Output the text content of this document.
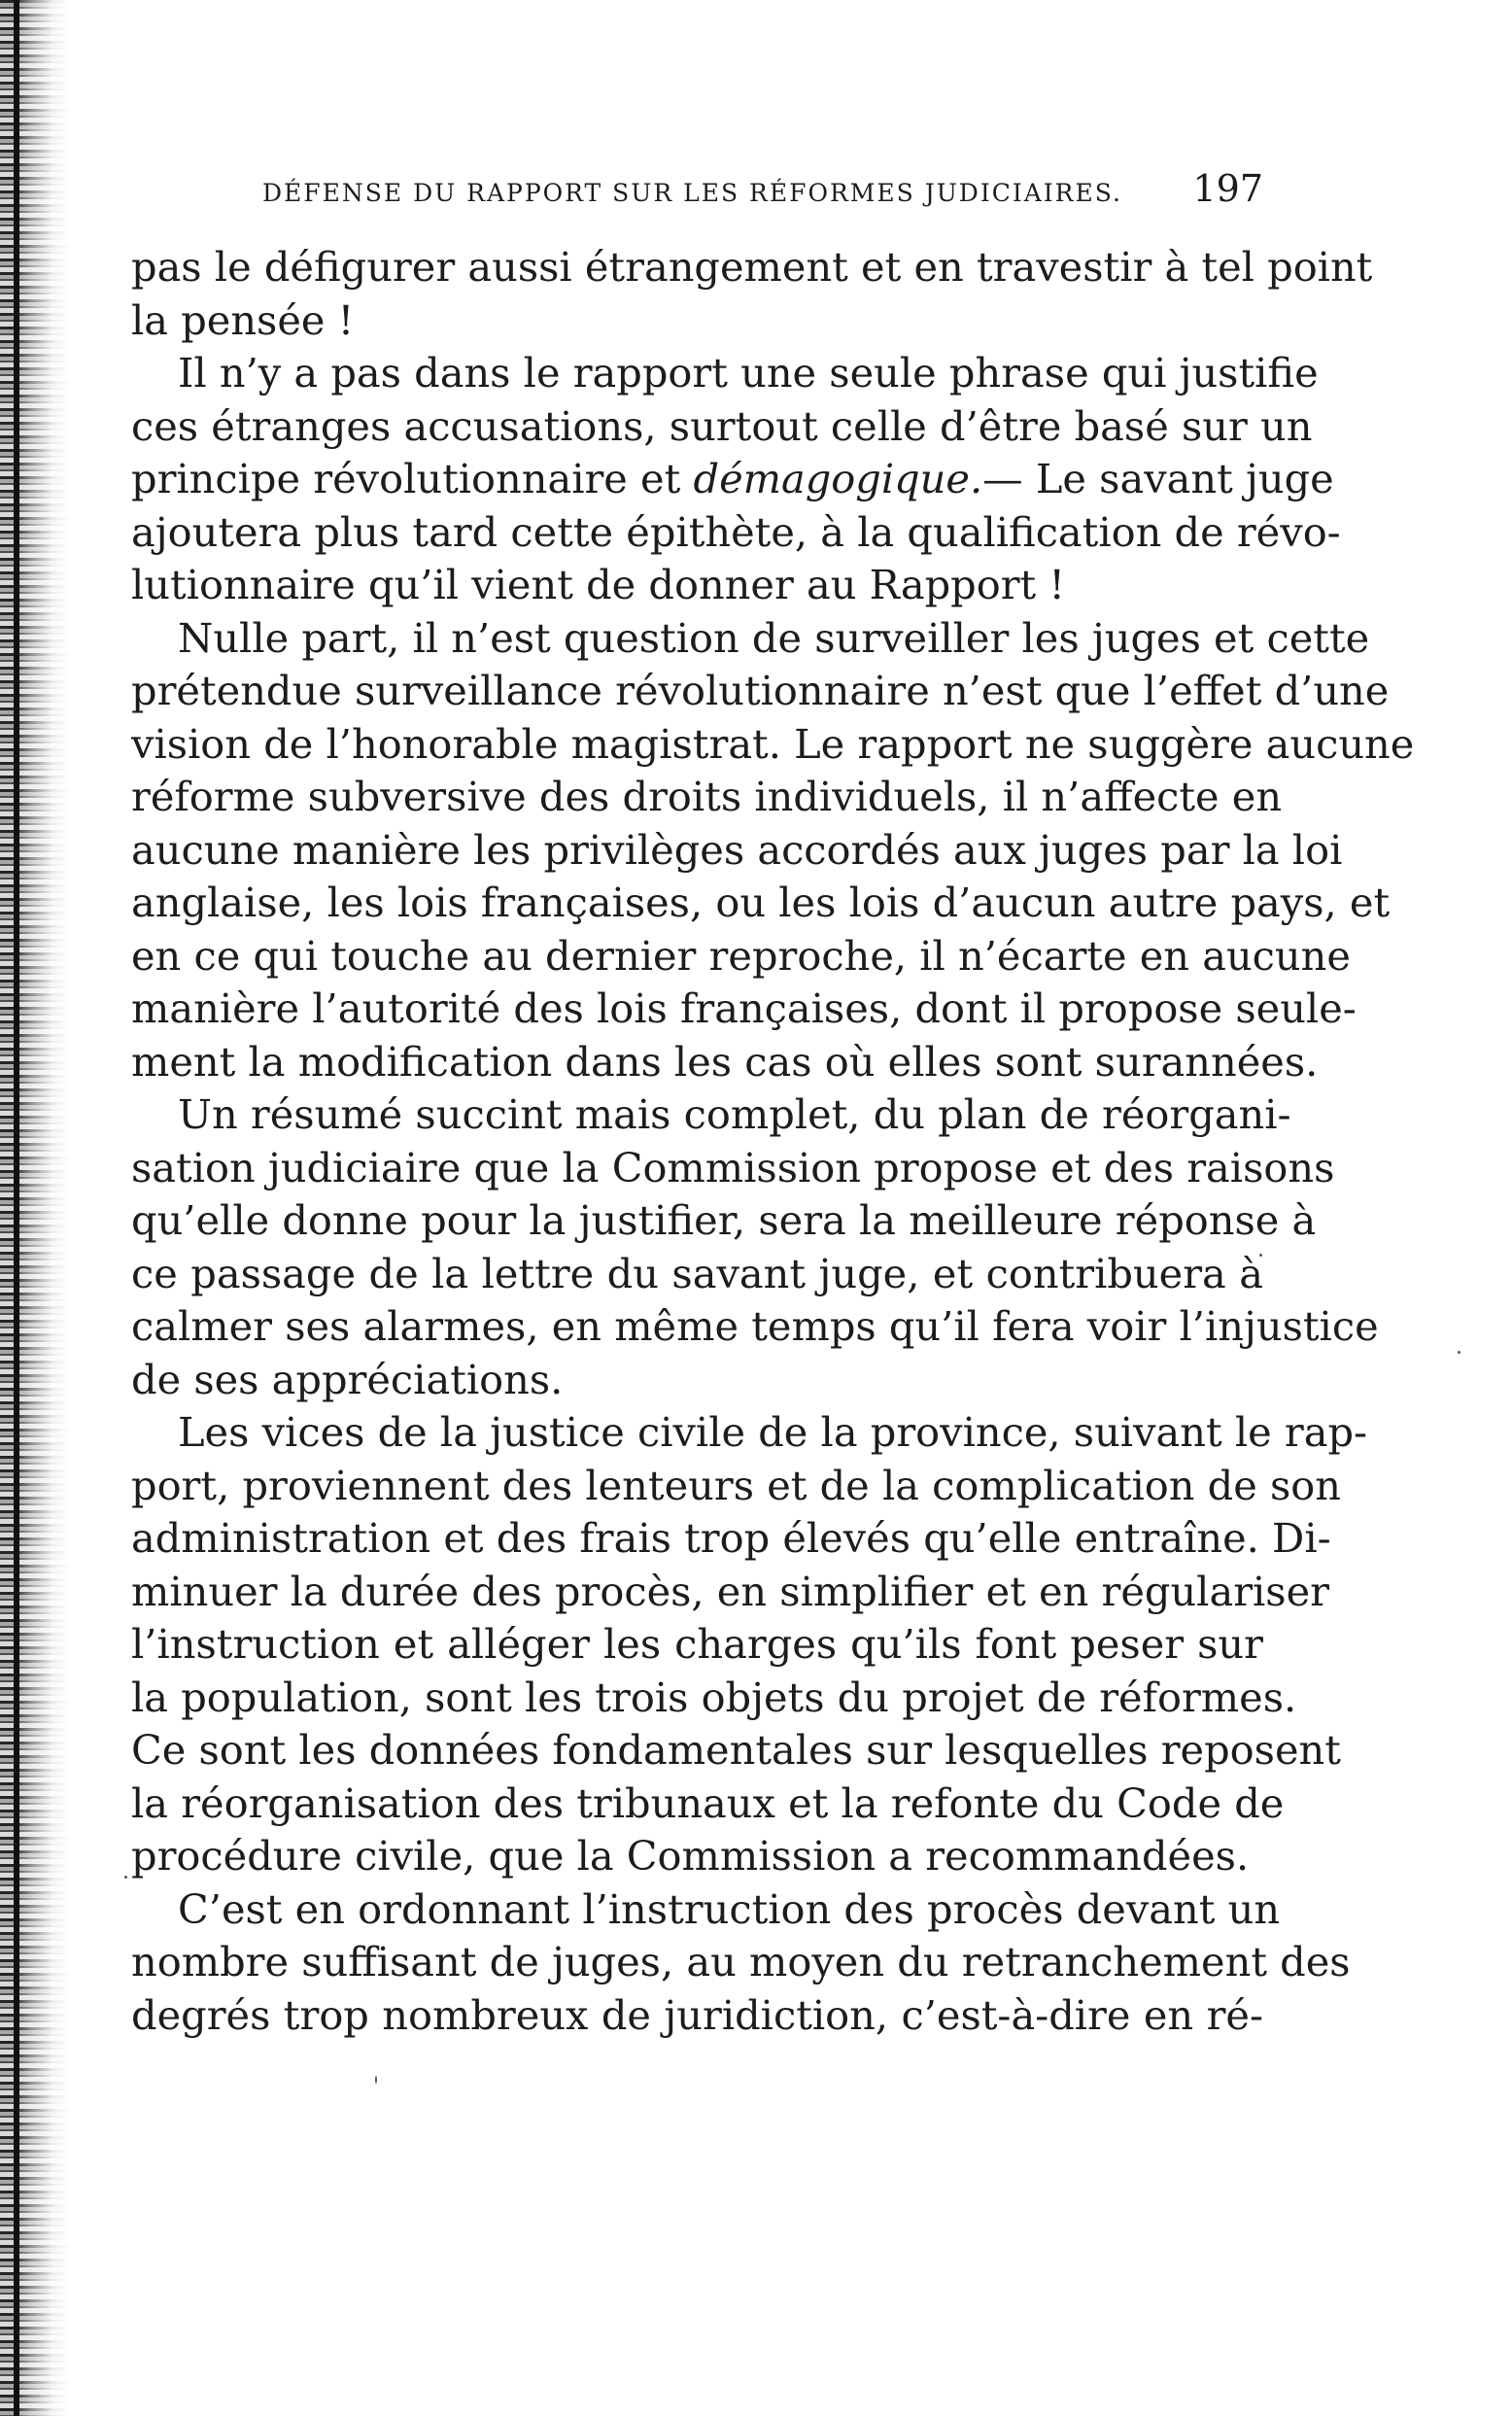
DÉFENSE DU RAPPORT SUR LES RÉFORMES JUDICIAIRES. 197
pas le défigurer aussi étrangement et en travestir à tel point
la pensée !
Il n’y a pas dans le rapport une seule phrase qui justifie
ces étranges accusations, surtout celle d’être basé sur un
principe révolutionnaire et démagogique.— Le savant juge
ajoutera plus tard cette épithète, à la qualification de révo-
lutionnaire qu’il vient de donner au Rapport !
Nulle part, il n’est question de surveiller les juges et cette
prétendue surveillance révolutionnaire n’est que l’effet d’une
vision de l’honorable magistrat. Le rapport ne suggère aucune
réforme subversive des droits individuels, il n’affecte en
aucune manière les privilèges accordés aux juges par la loi
anglaise, les lois françaises, ou les lois d’aucun autre pays, et
en ce qui touche au dernier reproche, il n’écarte en aucune
manière l’autorité des lois françaises, dont il propose seule-
ment la modification dans les cas où elles sont surannées.
Un résumé succint mais complet, du plan de réorgani-
sation judiciaire que la Commission propose et des raisons
qu’elle donne pour la justifier, sera la meilleure réponse à
ce passage de la lettre du savant juge, et contribuera à
calmer ses alarmes, en même temps qu’il fera voir l’injustice
de ses appréciations.
Les vices de la justice civile de la province, suivant le rap-
port, proviennent des lenteurs et de la complication de son
administration et des frais trop élevés qu’elle entraîne. Di-
minuer la durée des procès, en simplifier et en régulariser
l’instruction et alléger les charges qu’ils font peser sur
la population, sont les trois objets du projet de réformes.
Ce sont les données fondamentales sur lesquelles reposent
la réorganisation des tribunaux et la refonte du Code de
procédure civile, que la Commission a recommandées.
C’est en ordonnant l’instruction des procès devant un
nombre suffisant de juges, au moyen du retranchement des
degrés trop nombreux de juridiction, c’est-à-dire en ré-
